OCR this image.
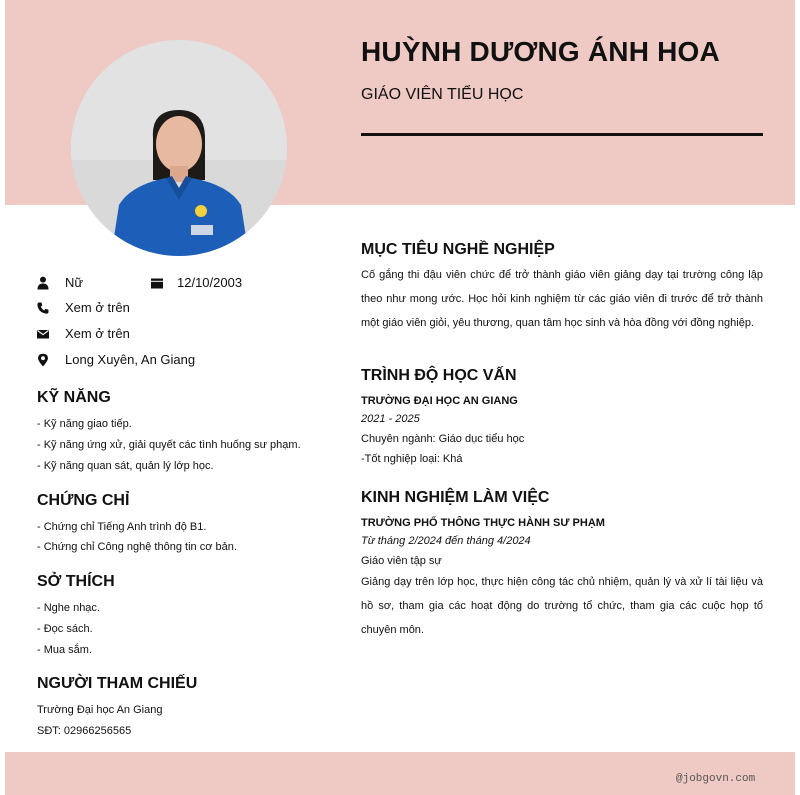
HUỲNH DƯƠNG ÁNH HOA

GIÁO VIÊN TIỂU HỌC

Nữ	12/10/2003
Xem ở trên
Xem ở trên
Long Xuyên, An Giang
KỸ NĂNG

- Kỹ năng giao tiếp.

- Kỹ năng ứng xử, giải quyết các tình huống sư phạm.

- Kỹ năng quan sát, quản lý lớp học.

CHỨNG CHỈ

- Chứng chỉ Tiếng Anh trình độ B1.

- Chứng chỉ Công nghệ thông tin cơ bản.

SỞ THÍCH

- Nghe nhạc.

- Đọc sách.

- Mua sắm.

NGƯỜI THAM CHIẾU

Trường Đại học An Giang

SĐT: 02966256565

MỤC TIÊU NGHỀ NGHIỆP

Cố gắng thi đậu viên chức để trở thành giáo viên giảng dạy tại trường công lập theo như mong ước. Học hỏi kinh nghiệm từ các giáo viên đi trước để trở thành một giáo viên giỏi, yêu thương, quan tâm học sinh và hòa đồng với đồng nghiệp.

TRÌNH ĐỘ HỌC VẤN

TRƯỜNG ĐẠI HỌC AN GIANG

2021 - 2025

Chuyên ngành: Giáo dục tiểu học

-Tốt nghiệp loại: Khá

KINH NGHIỆM LÀM VIỆC

TRƯỜNG PHỔ THÔNG THỰC HÀNH SƯ PHẠM

Từ tháng 2/2024 đến tháng 4/2024

Giáo viên tập sự

Giảng dạy trên lớp học, thực hiện công tác chủ nhiệm, quản lý và xử lí tài liệu và hồ sơ, tham gia các hoạt động do trường tổ chức, tham gia các cuộc họp tổ chuyên môn.

@jobgovn.com
